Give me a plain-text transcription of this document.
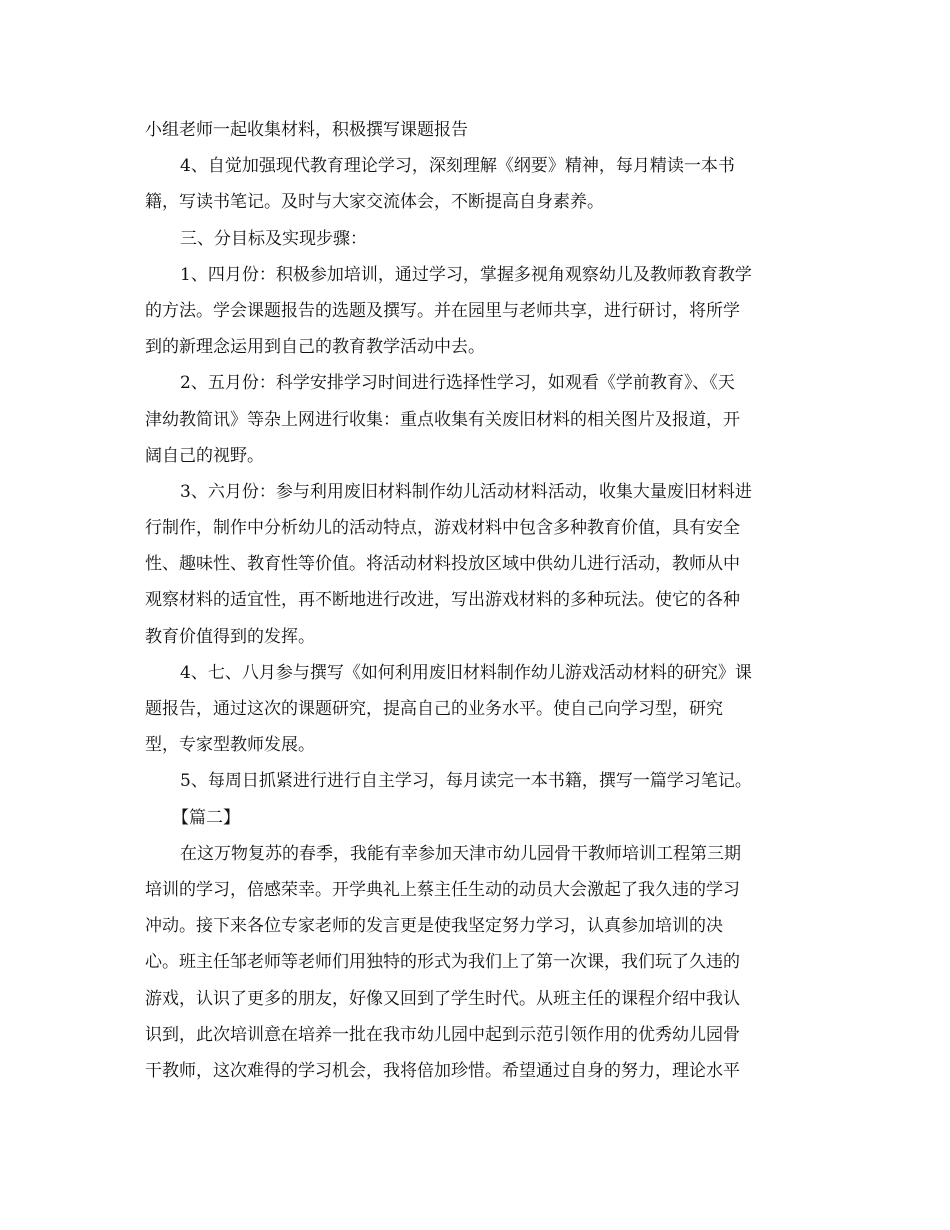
小组老师一起收集材料，积极撰写课题报告
4、自觉加强现代教育理论学习，深刻理解《纲要》精神，每月精读一本书
籍，写读书笔记。及时与大家交流体会，不断提高自身素养。
三、分目标及实现步骤：
1、四月份：积极参加培训，通过学习，掌握多视角观察幼儿及教师教育教学
的方法。学会课题报告的选题及撰写。并在园里与老师共享，进行研讨，将所学
到的新理念运用到自己的教育教学活动中去。
2、五月份：科学安排学习时间进行选择性学习，如观看《学前教育》、《天
津幼教简讯》等杂上网进行收集：重点收集有关废旧材料的相关图片及报道，开
阔自己的视野。
3、六月份：参与利用废旧材料制作幼儿活动材料活动，收集大量废旧材料进
行制作，制作中分析幼儿的活动特点，游戏材料中包含多种教育价值，具有安全
性、趣味性、教育性等价值。将活动材料投放区域中供幼儿进行活动，教师从中
观察材料的适宜性，再不断地进行改进，写出游戏材料的多种玩法。使它的各种
教育价值得到的发挥。
4、七、八月参与撰写《如何利用废旧材料制作幼儿游戏活动材料的研究》课
题报告，通过这次的课题研究，提高自己的业务水平。使自己向学习型，研究
型，专家型教师发展。
5、每周日抓紧进行进行自主学习，每月读完一本书籍，撰写一篇学习笔记。
【篇二】
在这万物复苏的春季，我能有幸参加天津市幼儿园骨干教师培训工程第三期
培训的学习，倍感荣幸。开学典礼上蔡主任生动的动员大会激起了我久违的学习
冲动。接下来各位专家老师的发言更是使我坚定努力学习，认真参加培训的决
心。班主任邹老师等老师们用独特的形式为我们上了第一次课，我们玩了久违的
游戏，认识了更多的朋友，好像又回到了学生时代。从班主任的课程介绍中我认
识到，此次培训意在培养一批在我市幼儿园中起到示范引领作用的优秀幼儿园骨
干教师，这次难得的学习机会，我将倍加珍惜。希望通过自身的努力，理论水平
